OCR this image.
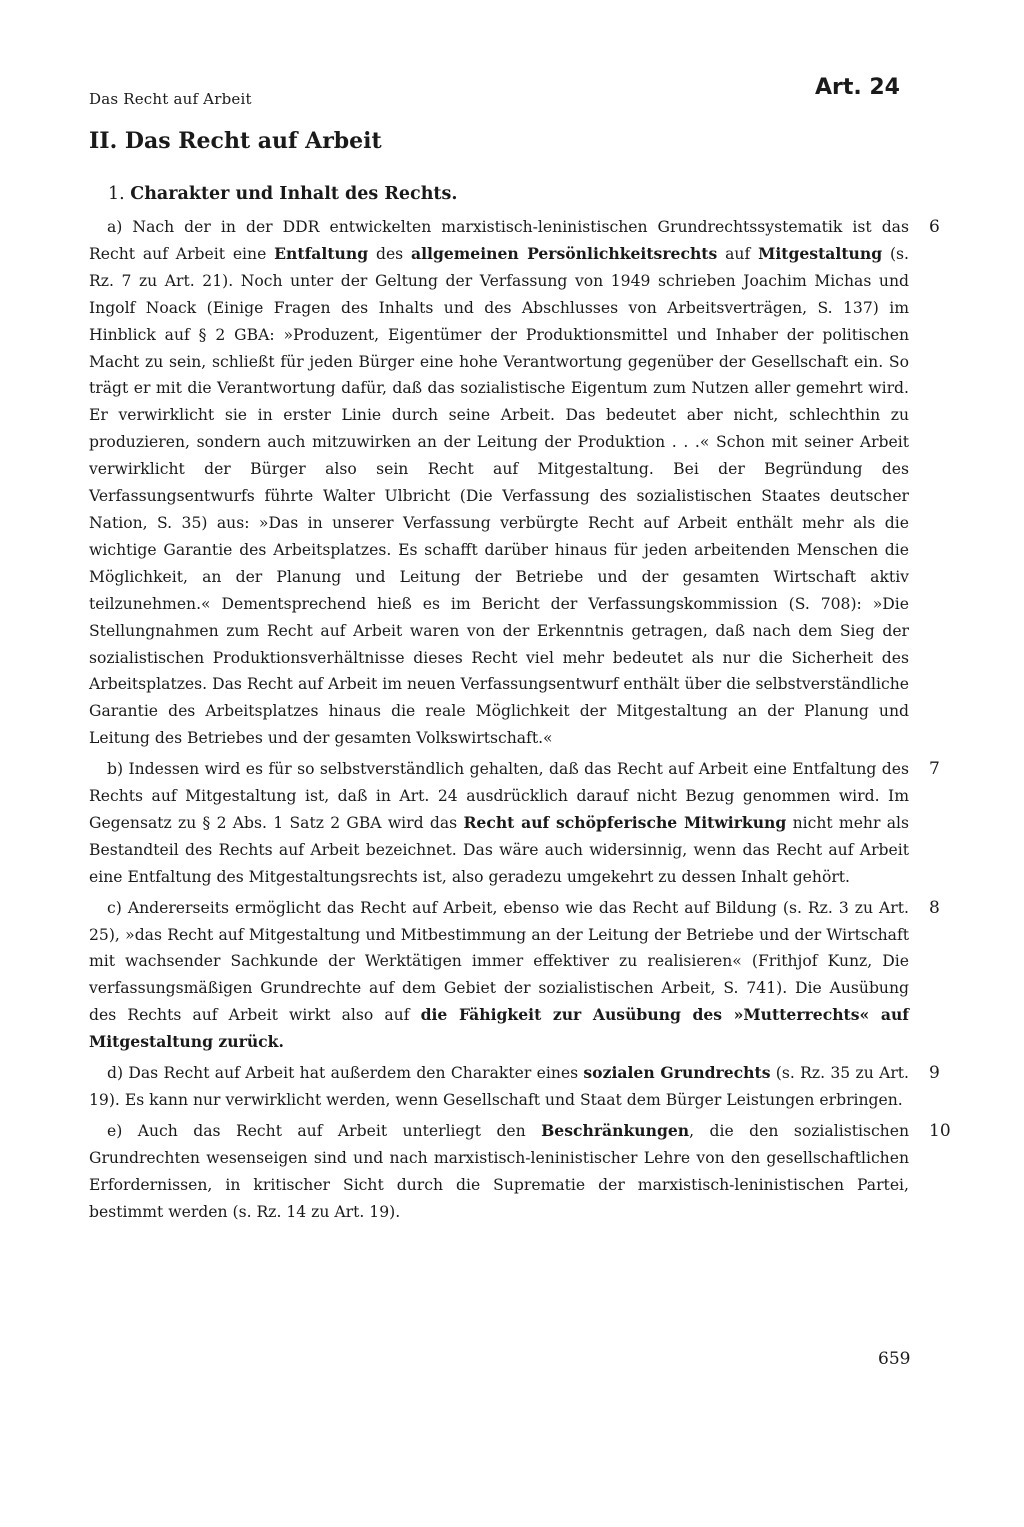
Das Recht auf Arbeit	Art. 24
II. Das Recht auf Arbeit
1. Charakter und Inhalt des Rechts.

6
a) Nach der in der DDR entwickelten marxistisch-leninistischen Grundrechtssystematik ist das Recht auf Arbeit eine Entfaltung des allgemeinen Persönlichkeitsrechts auf Mitgestaltung (s. Rz. 7 zu Art. 21). Noch unter der Geltung der Verfassung von 1949 schrieben Joachim Michas und Ingolf Noack (Einige Fragen des Inhalts und des Abschlusses von Arbeitsverträgen, S. 137) im Hinblick auf § 2 GBA: »Produzent, Eigentümer der Produktionsmittel und Inhaber der politischen Macht zu sein, schließt für jeden Bürger eine hohe Verantwortung gegenüber der Gesellschaft ein. So trägt er mit die Verantwortung dafür, daß das sozialistische Eigentum zum Nutzen aller gemehrt wird. Er verwirklicht sie in erster Linie durch seine Arbeit. Das bedeutet aber nicht, schlechthin zu produzieren, sondern auch mitzuwirken an der Leitung der Produktion . . .« Schon mit seiner Arbeit verwirklicht der Bürger also sein Recht auf Mitgestaltung. Bei der Begründung des Verfassungsentwurfs führte Walter Ulbricht (Die Verfassung des sozialistischen Staates deutscher Nation, S. 35) aus: »Das in unserer Verfassung verbürgte Recht auf Arbeit enthält mehr als die wichtige Garantie des Arbeitsplatzes. Es schafft darüber hinaus für jeden arbeitenden Menschen die Möglichkeit, an der Planung und Leitung der Betriebe und der gesamten Wirtschaft aktiv teilzunehmen.« Dementsprechend hieß es im Bericht der Verfassungskommission (S. 708): »Die Stellungnahmen zum Recht auf Arbeit waren von der Erkenntnis getragen, daß nach dem Sieg der sozialistischen Produktionsverhältnisse dieses Recht viel mehr bedeutet als nur die Sicherheit des Arbeitsplatzes. Das Recht auf Arbeit im neuen Verfassungsentwurf enthält über die selbstverständliche Garantie des Arbeitsplatzes hinaus die reale Möglichkeit der Mitgestaltung an der Planung und Leitung des Betriebes und der gesamten Volkswirtschaft.«

7
b) Indessen wird es für so selbstverständlich gehalten, daß das Recht auf Arbeit eine Entfaltung des Rechts auf Mitgestaltung ist, daß in Art. 24 ausdrücklich darauf nicht Bezug genommen wird. Im Gegensatz zu § 2 Abs. 1 Satz 2 GBA wird das Recht auf schöpferische Mitwirkung nicht mehr als Bestandteil des Rechts auf Arbeit bezeichnet. Das wäre auch widersinnig, wenn das Recht auf Arbeit eine Entfaltung des Mitgestaltungsrechts ist, also geradezu umgekehrt zu dessen Inhalt gehört.

8
c) Andererseits ermöglicht das Recht auf Arbeit, ebenso wie das Recht auf Bildung (s. Rz. 3 zu Art. 25), »das Recht auf Mitgestaltung und Mitbestimmung an der Leitung der Betriebe und der Wirtschaft mit wachsender Sachkunde der Werktätigen immer effektiver zu realisieren« (Frithjof Kunz, Die verfassungsmäßigen Grundrechte auf dem Gebiet der sozialistischen Arbeit, S. 741). Die Ausübung des Rechts auf Arbeit wirkt also auf die Fähigkeit zur Ausübung des »Mutterrechts« auf Mitgestaltung zurück.

9
d) Das Recht auf Arbeit hat außerdem den Charakter eines sozialen Grundrechts (s. Rz. 35 zu Art. 19). Es kann nur verwirklicht werden, wenn Gesellschaft und Staat dem Bürger Leistungen erbringen.

10
e) Auch das Recht auf Arbeit unterliegt den Beschränkungen, die den sozialistischen Grundrechten wesenseigen sind und nach marxistisch-leninistischer Lehre von den gesellschaftlichen Erfordernissen, in kritischer Sicht durch die Suprematie der marxistisch-leninistischen Partei, bestimmt werden (s. Rz. 14 zu Art. 19).

659
